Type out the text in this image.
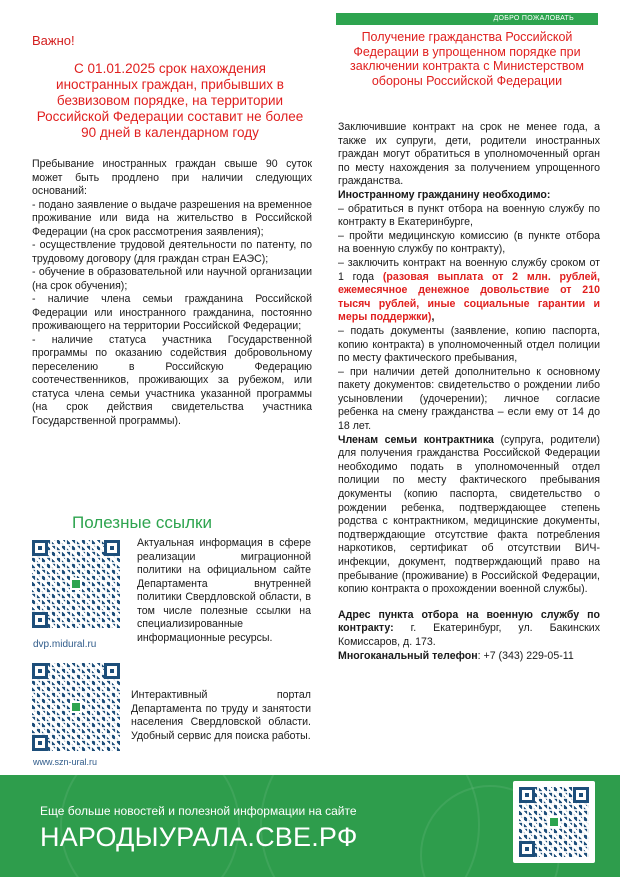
ДОБРО ПОЖАЛОВАТЬ
Важно!
С 01.01.2025 срок нахождения иностранных граждан, прибывших в безвизовом порядке, на территории Российской Федерации составит не более 90 дней в календарном году

Пребывание иностранных граждан свыше 90 суток может быть продлено при наличии следующих оснований:

- подано заявление о выдаче разрешения на временное проживание или вида на жительство в Российской Федерации (на срок рассмотрения заявления);

- осуществление трудовой деятельности по патенту, по трудовому договору (для граждан стран ЕАЭС);

- обучение в образовательной или научной организации (на срок обучения);

- наличие члена семьи гражданина Российской Федерации или иностранного гражданина, постоянно проживающего на территории Российской Федерации;

- наличие статуса участника Государственной программы по оказанию содействия добровольному переселению в Российскую Федерацию соотечественников, проживающих за рубежом, или статуса члена семьи участника указанной программы (на срок действия свидетельства участника Государственной программы).

Полезные ссылки
dvp.midural.ru
Актуальная информация в сфере реализации миграционной политики на официальном сайте Департамента внутренней политики Свердловской области, в том числе полезные ссылки на специализированные информационные ресурсы.
www.szn-ural.ru
Интерактивный портал Департамента по труду и занятости населения Свердловской области. Удобный сервис для поиска работы.
Получение гражданства Российской Федерации в упрощенном порядке при заключении контракта с Министерством обороны Российской Федерации

Заключившие контракт на срок не менее года, а также их супруги, дети, родители иностранных граждан могут обратиться в уполномоченный орган по месту нахождения за получением упрощенного гражданства.

Иностранному гражданину необходимо:

– обратиться в пункт отбора на военную службу по контракту в Екатеринбурге,

– пройти медицинскую комиссию (в пункте отбора на военную службу по контракту),

– заключить контракт на военную службу сроком от 1 года (разовая выплата от 2 млн. рублей, ежемесячное денежное довольствие от 210 тысяч рублей, иные социальные гарантии и меры поддержки),

– подать документы (заявление, копию паспорта, копию контракта) в уполномоченный отдел полиции по месту фактического пребывания,

– при наличии детей дополнительно к основному пакету документов: свидетельство о рождении либо усыновлении (удочерении); личное согласие ребенка на смену гражданства – если ему от 14 до 18 лет.

Членам семьи контрактника (супруга, родители) для получения гражданства Российской Федерации необходимо подать в уполномоченный отдел полиции по месту фактического пребывания документы (копию паспорта, свидетельство о рождении ребенка, подтверждающее степень родства с контрактником, медицинские документы, подтверждающие отсутствие факта потребления наркотиков, сертификат об отсутствии ВИЧ-инфекции, документ, подтверждающий право на пребывание (проживание) в Российской Федерации, копию контракта о прохождении военной службы).

Адрес пункта отбора на военную службу по контракту: г. Екатеринбург, ул. Бакинских Комиссаров, д. 173.

Многоканальный телефон: +7 (343) 229-05-11

Еще больше новостей и полезной информации на сайте
НАРОДЫУРАЛА.СВЕ.РФ
